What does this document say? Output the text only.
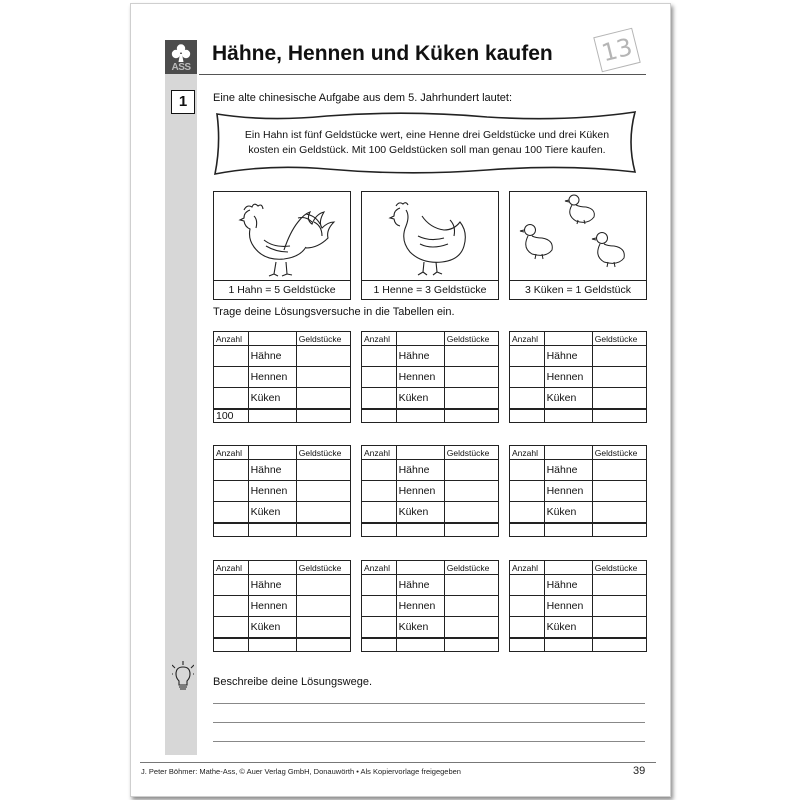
ASS
Hähne, Hennen und Küken kaufen 13
1	Eine alte chinesische Aufgabe aus dem 5. Jahrhundert lautet:
Ein Hahn ist fünf Geldstücke wert, eine Henne drei Geldstücke und drei Küken
kosten ein Geldstück. Mit 100 Geldstücken soll man genau 100 Tiere kaufen.
1 Hahn = 5 Geldstücke	1 Henne = 3 Geldstücke	3 Küken = 1 Geldstück
Trage deine Lösungsversuche in die Tabellen ein.
Anzahl		Geldstücke
	Hähne	
	Hennen	
	Küken	
100		
Anzahl		Geldstücke
	Hähne	
	Hennen	
	Küken	

Anzahl		Geldstücke
	Hähne	
	Hennen	
	Küken	

Anzahl		Geldstücke
	Hähne	
	Hennen	
	Küken	

Anzahl		Geldstücke
	Hähne	
	Hennen	
	Küken	

Anzahl		Geldstücke
	Hähne	
	Hennen	
	Küken	

Anzahl		Geldstücke
	Hähne	
	Hennen	
	Küken	

Anzahl		Geldstücke
	Hähne	
	Hennen	
	Küken	

Anzahl		Geldstücke
	Hähne	
	Hennen	
	Küken	

Beschreibe deine Lösungswege.
J. Peter Böhmer: Mathe-Ass, © Auer Verlag GmbH, Donauwörth • Als Kopiervorlage freigegeben	39
